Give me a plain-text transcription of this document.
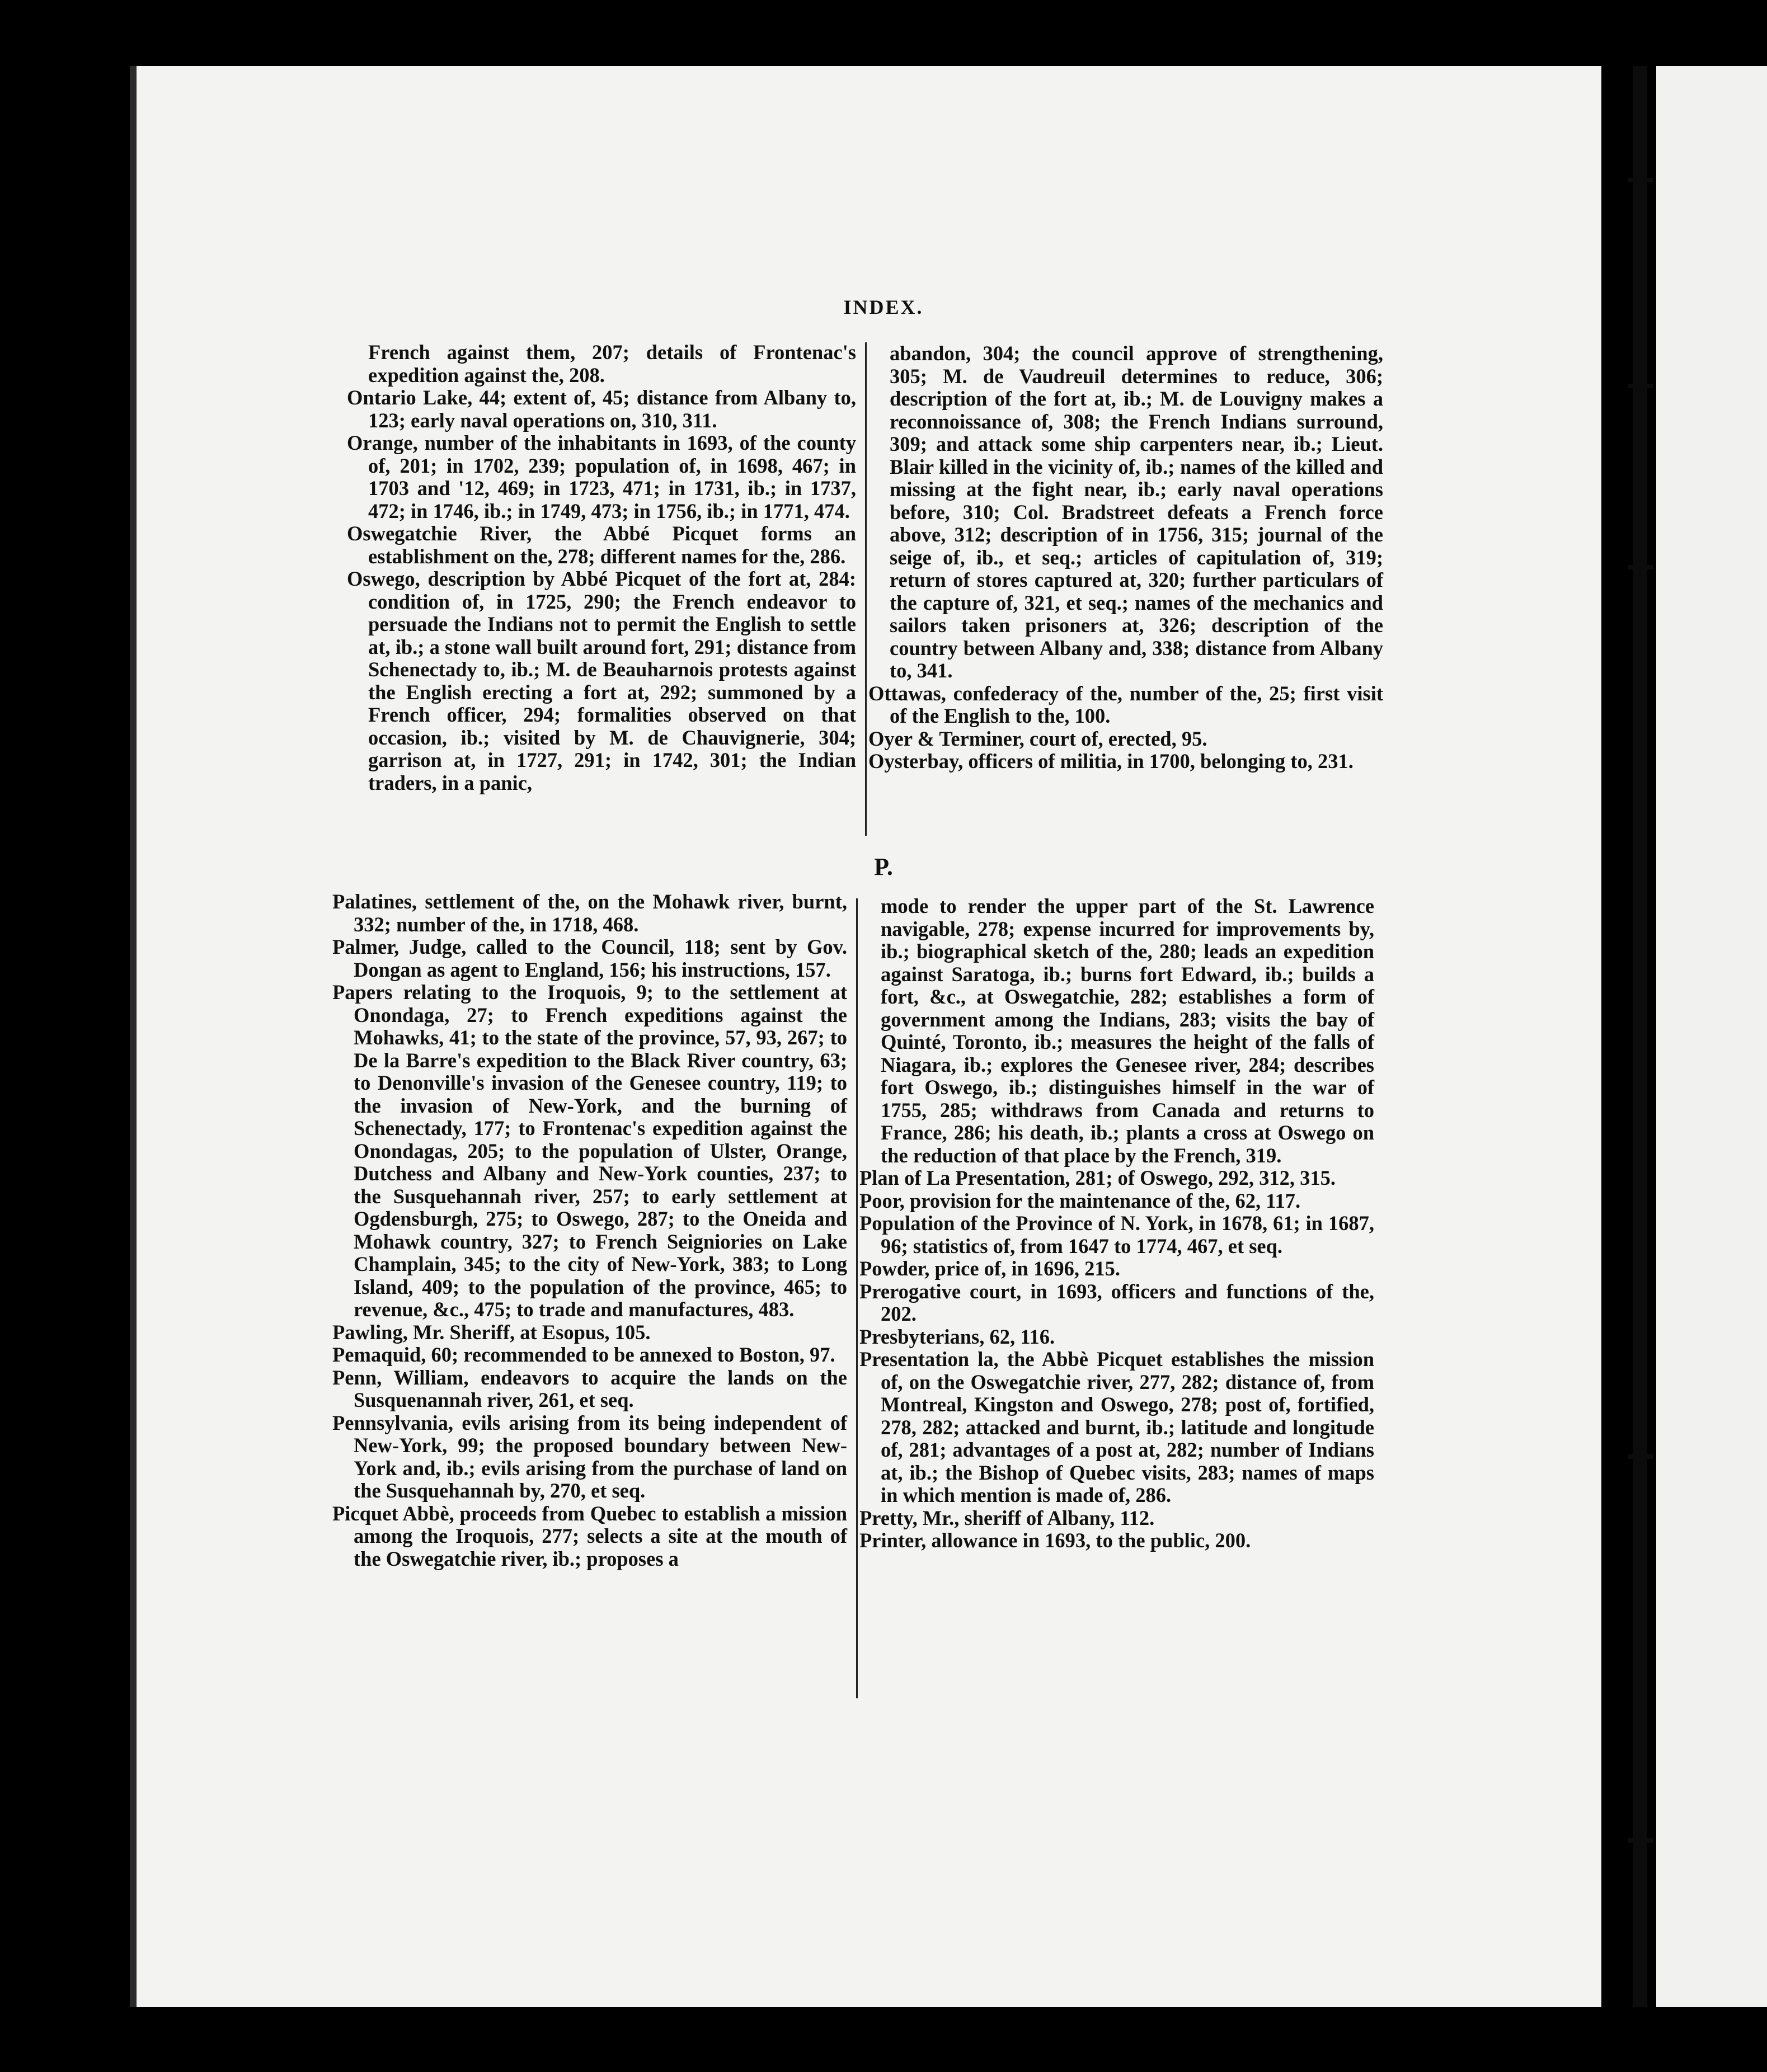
INDEX.

French against them, 207; details of Frontenac's expedition against the, 208.

Ontario Lake, 44; extent of, 45; distance from Albany to, 123; early naval operations on, 310, 311.

Orange, number of the inhabitants in 1693, of the county of, 201; in 1702, 239; population of, in 1698, 467; in 1703 and '12, 469; in 1723, 471; in 1731, ib.; in 1737, 472; in 1746, ib.; in 1749, 473; in 1756, ib.; in 1771, 474.

Oswegatchie River, the Abbé Picquet forms an establishment on the, 278; different names for the, 286.

Oswego, description by Abbé Picquet of the fort at, 284: condition of, in 1725, 290; the French endeavor to persuade the Indians not to permit the English to settle at, ib.; a stone wall built around fort, 291; distance from Schenectady to, ib.; M. de Beauharnois protests against the English erecting a fort at, 292; summoned by a French officer, 294; formalities observed on that occasion, ib.; visited by M. de Chauvignerie, 304; garrison at, in 1727, 291; in 1742, 301; the Indian traders, in a panic,

abandon, 304; the council approve of strengthening, 305; M. de Vaudreuil determines to reduce, 306; description of the fort at, ib.; M. de Louvigny makes a reconnoissance of, 308; the French Indians surround, 309; and attack some ship carpenters near, ib.; Lieut. Blair killed in the vicinity of, ib.; names of the killed and missing at the fight near, ib.; early naval operations before, 310; Col. Bradstreet defeats a French force above, 312; description of in 1756, 315; journal of the seige of, ib., et seq.; articles of capitulation of, 319; return of stores captured at, 320; further particulars of the capture of, 321, et seq.; names of the mechanics and sailors taken prisoners at, 326; description of the country between Albany and, 338; distance from Albany to, 341.

Ottawas, confederacy of the, number of the, 25; first visit of the English to the, 100.

Oyer & Terminer, court of, erected, 95.

Oysterbay, officers of militia, in 1700, belonging to, 231.

P.

Palatines, settlement of the, on the Mohawk river, burnt, 332; number of the, in 1718, 468.

Palmer, Judge, called to the Council, 118; sent by Gov. Dongan as agent to England, 156; his instructions, 157.

Papers relating to the Iroquois, 9; to the settlement at Onondaga, 27; to French expeditions against the Mohawks, 41; to the state of the province, 57, 93, 267; to De la Barre's expedition to the Black River country, 63; to Denonville's invasion of the Genesee country, 119; to the invasion of New-York, and the burning of Schenectady, 177; to Frontenac's expedition against the Onondagas, 205; to the population of Ulster, Orange, Dutchess and Albany and New-York counties, 237; to the Susquehannah river, 257; to early settlement at Ogdensburgh, 275; to Oswego, 287; to the Oneida and Mohawk country, 327; to French Seigniories on Lake Champlain, 345; to the city of New-York, 383; to Long Island, 409; to the population of the province, 465; to revenue, &c., 475; to trade and manufactures, 483.

Pawling, Mr. Sheriff, at Esopus, 105.

Pemaquid, 60; recommended to be annexed to Boston, 97.

Penn, William, endeavors to acquire the lands on the Susquenannah river, 261, et seq.

Pennsylvania, evils arising from its being independent of New-York, 99; the proposed boundary between New-York and, ib.; evils arising from the purchase of land on the Susquehannah by, 270, et seq.

Picquet Abbè, proceeds from Quebec to establish a mission among the Iroquois, 277; selects a site at the mouth of the Oswegatchie river, ib.; proposes a

mode to render the upper part of the St. Lawrence navigable, 278; expense incurred for improvements by, ib.; biographical sketch of the, 280; leads an expedition against Saratoga, ib.; burns fort Edward, ib.; builds a fort, &c., at Oswegatchie, 282; establishes a form of government among the Indians, 283; visits the bay of Quinté, Toronto, ib.; measures the height of the falls of Niagara, ib.; explores the Genesee river, 284; describes fort Oswego, ib.; distinguishes himself in the war of 1755, 285; withdraws from Canada and returns to France, 286; his death, ib.; plants a cross at Oswego on the reduction of that place by the French, 319.

Plan of La Presentation, 281; of Oswego, 292, 312, 315.

Poor, provision for the maintenance of the, 62, 117.

Population of the Province of N. York, in 1678, 61; in 1687, 96; statistics of, from 1647 to 1774, 467, et seq.

Powder, price of, in 1696, 215.

Prerogative court, in 1693, officers and functions of the, 202.

Presbyterians, 62, 116.

Presentation la, the Abbè Picquet establishes the mission of, on the Oswegatchie river, 277, 282; distance of, from Montreal, Kingston and Oswego, 278; post of, fortified, 278, 282; attacked and burnt, ib.; latitude and longitude of, 281; advantages of a post at, 282; number of Indians at, ib.; the Bishop of Quebec visits, 283; names of maps in which mention is made of, 286.

Pretty, Mr., sheriff of Albany, 112.

Printer, allowance in 1693, to the public, 200.
